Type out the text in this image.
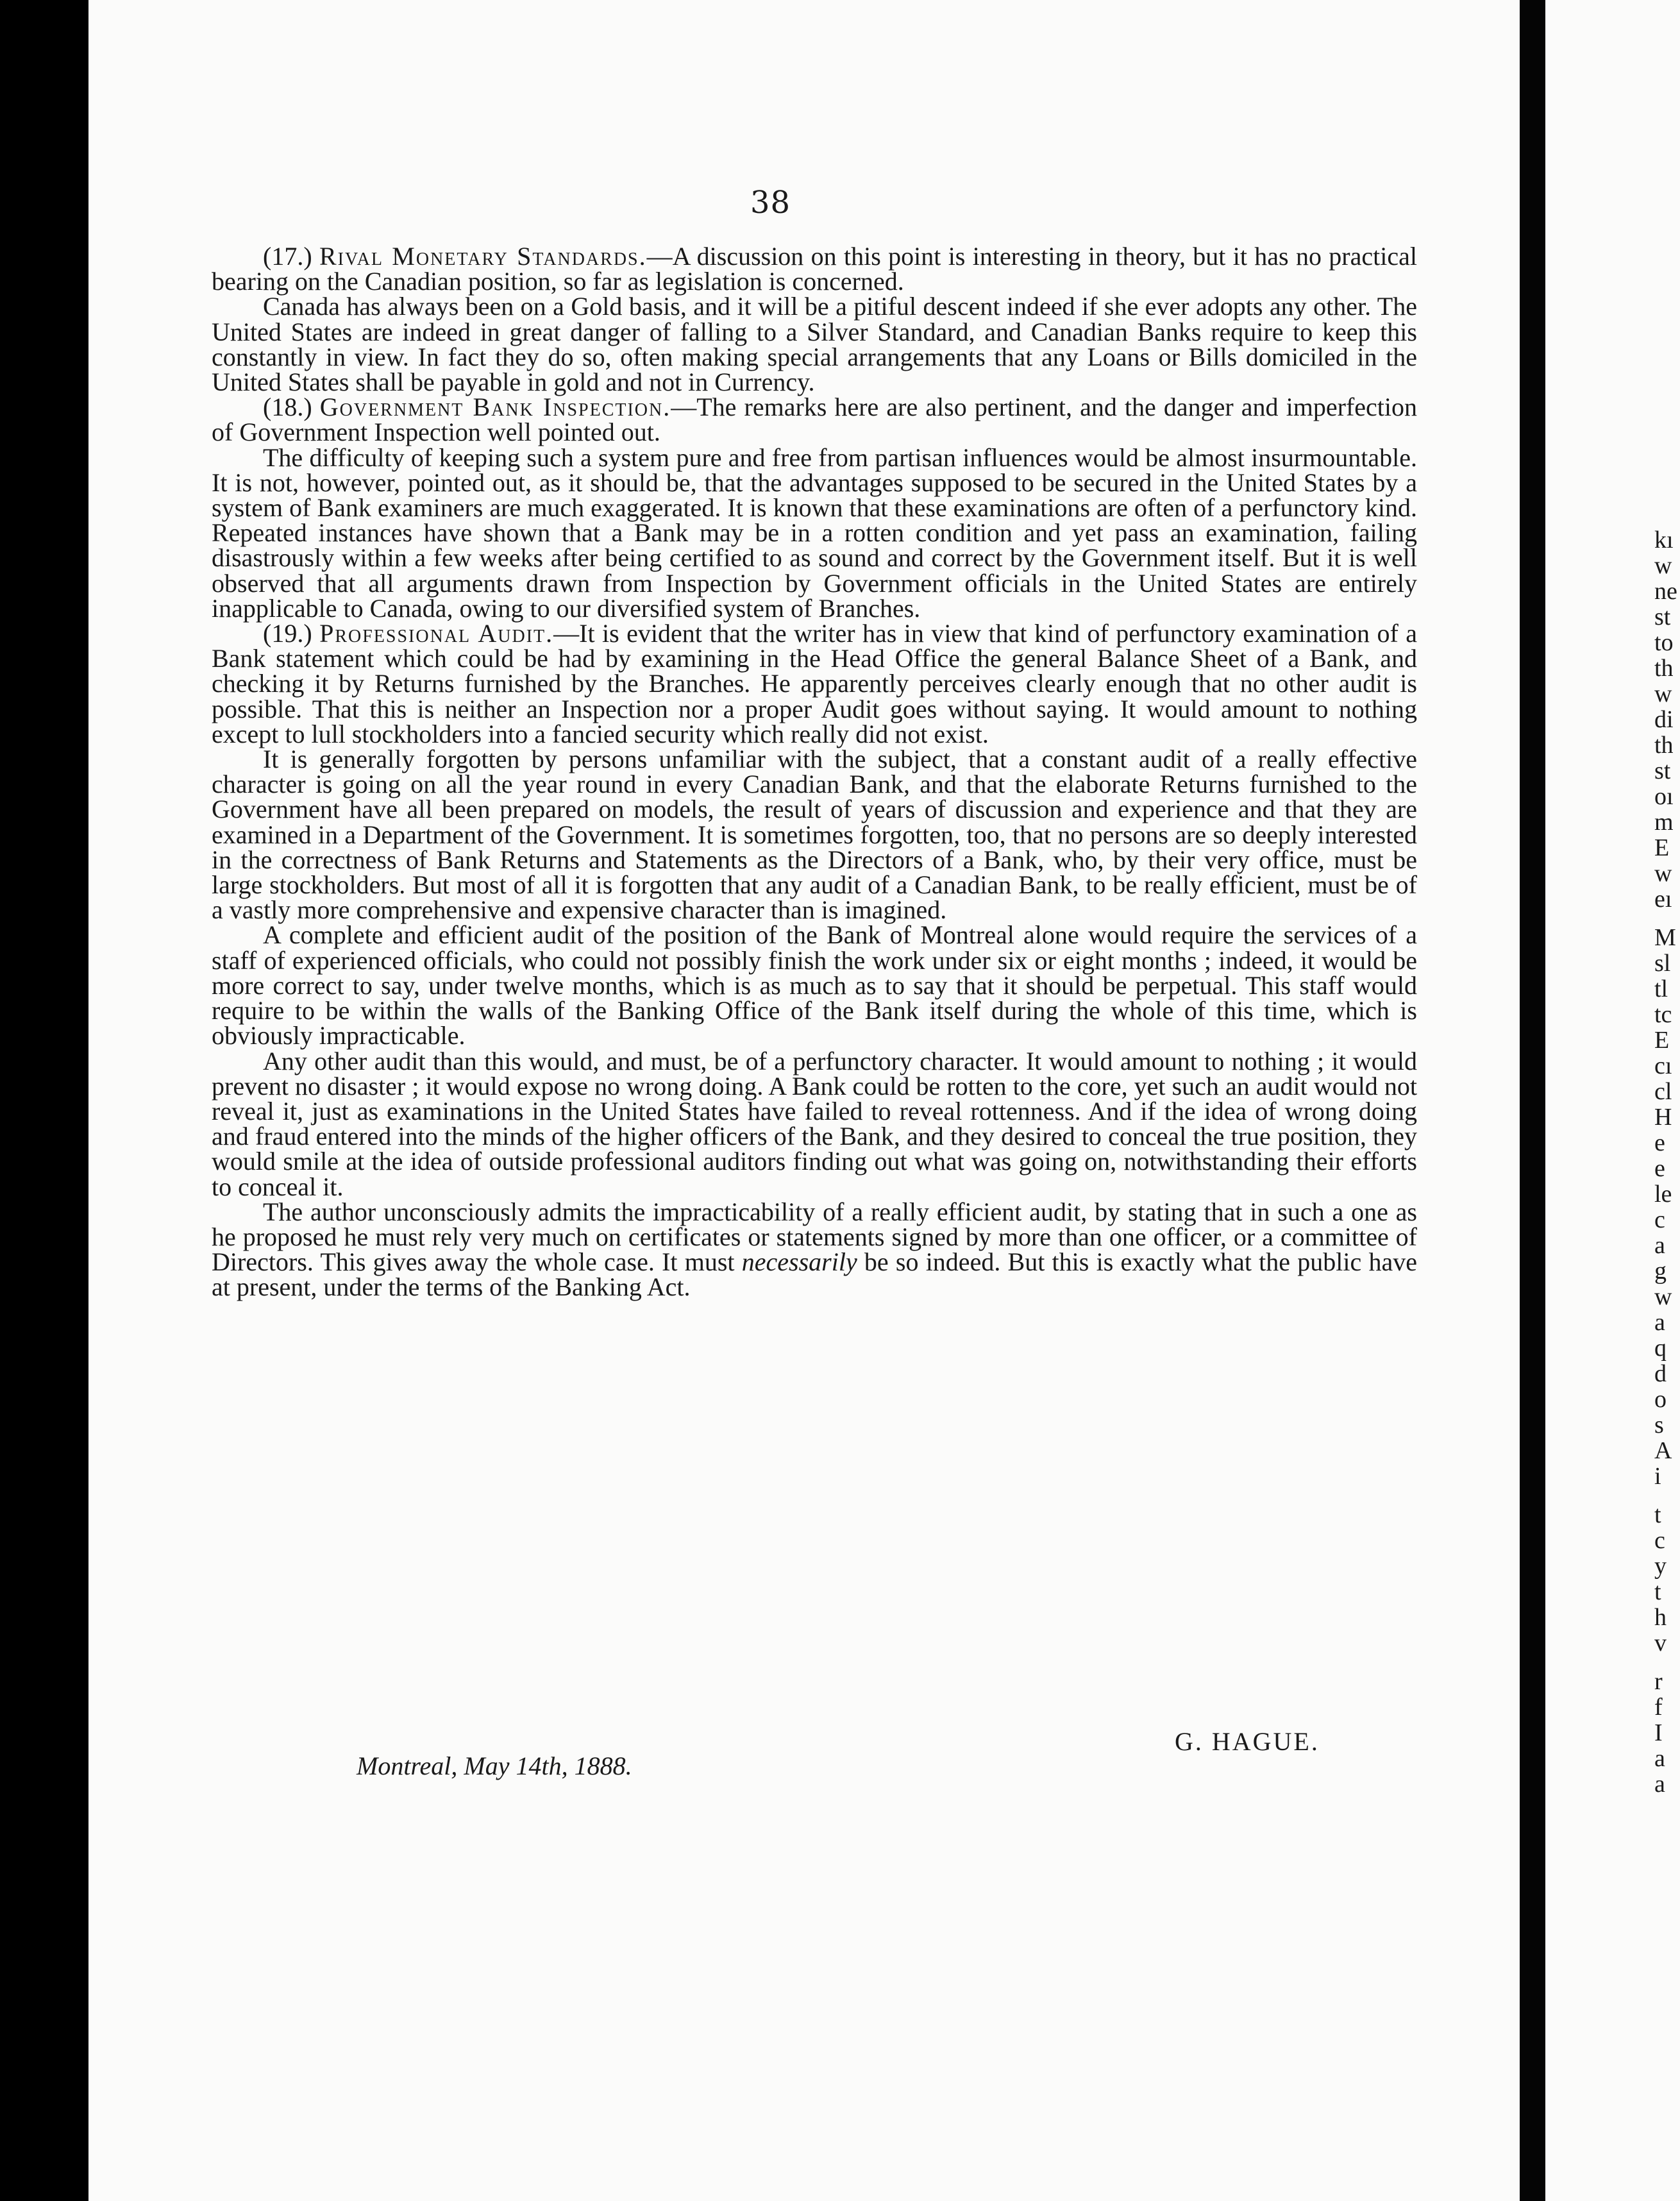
38

(17.) Rival Monetary Standards.—A discussion on this point is interesting in theory, but it has no practical bearing on the Canadian position, so far as legislation is concerned.

Canada has always been on a Gold basis, and it will be a pitiful descent indeed if she ever adopts any other. The United States are indeed in great danger of falling to a Silver Standard, and Canadian Banks require to keep this constantly in view. In fact they do so, often making special arrangements that any Loans or Bills domiciled in the United States shall be payable in gold and not in Currency.

(18.) Government Bank Inspection.—The remarks here are also pertinent, and the danger and imperfection of Government Inspection well pointed out.

The difficulty of keeping such a system pure and free from partisan influences would be almost insurmountable. It is not, however, pointed out, as it should be, that the advantages supposed to be secured in the United States by a system of Bank examiners are much exaggerated. It is known that these examinations are often of a perfunctory kind. Repeated instances have shown that a Bank may be in a rotten condition and yet pass an examination, failing disastrously within a few weeks after being certified to as sound and correct by the Government itself. But it is well observed that all arguments drawn from Inspection by Government officials in the United States are entirely inapplicable to Canada, owing to our diversified system of Branches.

(19.) Professional Audit.—It is evident that the writer has in view that kind of perfunctory examination of a Bank statement which could be had by examining in the Head Office the general Balance Sheet of a Bank, and checking it by Returns furnished by the Branches. He apparently perceives clearly enough that no other audit is possible. That this is neither an Inspection nor a proper Audit goes without saying. It would amount to nothing except to lull stockholders into a fancied security which really did not exist.

It is generally forgotten by persons unfamiliar with the subject, that a constant audit of a really effective character is going on all the year round in every Canadian Bank, and that the elaborate Returns furnished to the Government have all been prepared on models, the result of years of discussion and experience and that they are examined in a Department of the Government. It is sometimes forgotten, too, that no persons are so deeply interested in the correctness of Bank Returns and Statements as the Directors of a Bank, who, by their very office, must be large stockholders. But most of all it is forgotten that any audit of a Canadian Bank, to be really efficient, must be of a vastly more comprehensive and expensive character than is imagined.

A complete and efficient audit of the position of the Bank of Montreal alone would require the services of a staff of experienced officials, who could not possibly finish the work under six or eight months ; indeed, it would be more correct to say, under twelve months, which is as much as to say that it should be perpetual. This staff would require to be within the walls of the Banking Office of the Bank itself during the whole of this time, which is obviously impracticable.

Any other audit than this would, and must, be of a perfunctory character. It would amount to nothing ; it would prevent no disaster ; it would expose no wrong doing. A Bank could be rotten to the core, yet such an audit would not reveal it, just as examinations in the United States have failed to reveal rottenness. And if the idea of wrong doing and fraud entered into the minds of the higher officers of the Bank, and they desired to conceal the true position, they would smile at the idea of outside professional auditors finding out what was going on, notwithstanding their efforts to conceal it.

The author unconsciously admits the impracticability of a really efficient audit, by stating that in such a one as he proposed he must rely very much on certificates or statements signed by more than one officer, or a committee of Directors. This gives away the whole case. It must necessarily be so indeed. But this is exactly what the public have at present, under the terms of the Banking Act.

G. HAGUE.
Montreal, May 14th, 1888.
kı
w
ne
st
to
th
w
di
th
st
oı
m
E
w
eı
M
sl
tl
tc
E
cı
cl
H
e
e
le
c
a
g
w
a
q
d
o
s
A
i
t
c
y
t
h
v
r
f
I
a
a
